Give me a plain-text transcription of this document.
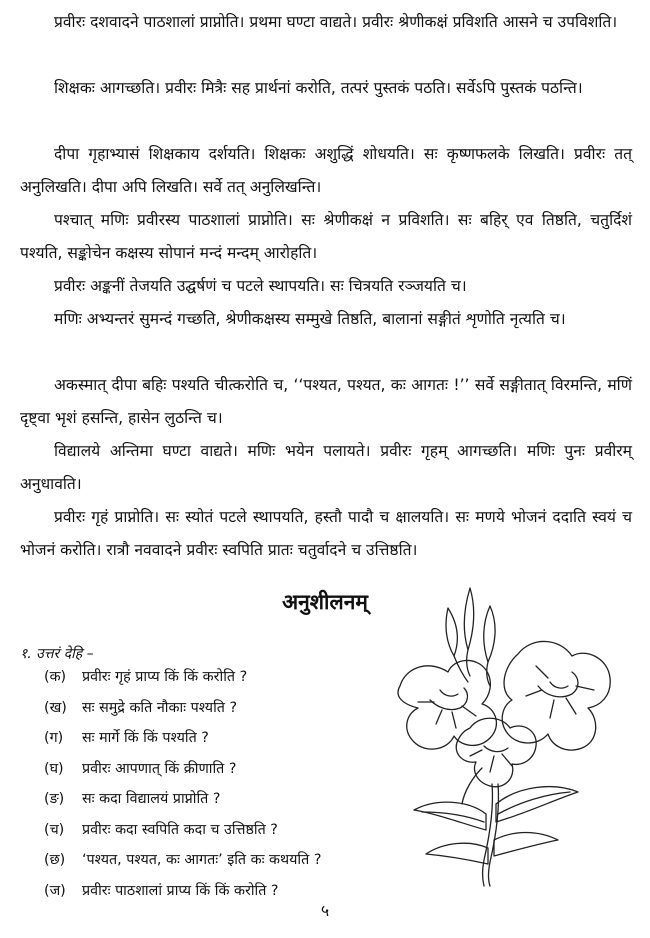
प्रवीरः दशवादने पाठशालां प्राप्नोति। प्रथमा घण्टा वाद्यते। प्रवीरः श्रेणीकक्षं प्रविशति आसने च उपविशति।

शिक्षकः आगच्छति। प्रवीरः मित्रैः सह प्रार्थनां करोति, तत्परं पुस्तकं पठति। सर्वेऽपि पुस्तकं पठन्ति।

दीपा गृहाभ्यासं शिक्षकाय दर्शयति। शिक्षकः अशुद्धिं शोधयति। सः कृष्णफलके लिखति। प्रवीरः तत् अनुलिखति। दीपा अपि लिखति। सर्वे तत् अनुलिखन्ति।

पश्चात् मणिः प्रवीरस्य पाठशालां प्राप्नोति। सः श्रेणीकक्षं न प्रविशति। सः बहिर् एव तिष्ठति, चतुर्दिशं पश्यति, सङ्कोचेन कक्षस्य सोपानं मन्दं मन्दम् आरोहति।

प्रवीरः अङ्कनीं तेजयति उद्घर्षणं च पटले स्थापयति। सः चित्रयति रञ्जयति च।

मणिः अभ्यन्तरं सुमन्दं गच्छति, श्रेणीकक्षस्य सम्मुखे तिष्ठति, बालानां सङ्गीतं शृणोति नृत्यति च।

अकस्मात् दीपा बहिः पश्यति चीत्करोति च, ‘‘पश्यत, पश्यत, कः आगतः !’’ सर्वे सङ्गीतात् विरमन्ति, मणिं दृष्ट्वा भृशं हसन्ति, हासेन लुठन्ति च।

विद्यालये अन्तिमा घण्टा वाद्यते। मणिः भयेन पलायते। प्रवीरः गृहम् आगच्छति। मणिः पुनः प्रवीरम् अनुधावति।

प्रवीरः गृहं प्राप्नोति। सः स्योतं पटले स्थापयति, हस्तौ पादौ च क्षालयति। सः मणये भोजनं ददाति स्वयं च भोजनं करोति। रात्रौ नववादने प्रवीरः स्वपिति प्रातः चतुर्वादने च उत्तिष्ठति।

अनुशीलनम्

१. उत्तरं देहि –

(क) प्रवीरः गृहं प्राप्य किं किं करोति ?
(ख) सः समुद्रे कति नौकाः पश्यति ?
(ग) सः मार्गे किं किं पश्यति ?
(घ) प्रवीरः आपणात् किं क्रीणाति ?
(ङ) सः कदा विद्यालयं प्राप्नोति ?
(च) प्रवीरः कदा स्वपिति कदा च उत्तिष्ठति ?
(छ) ‘पश्यत, पश्यत, कः आगतः’ इति कः कथयति ?
(ज) प्रवीरः पाठशालां प्राप्य किं किं करोति ?

५
